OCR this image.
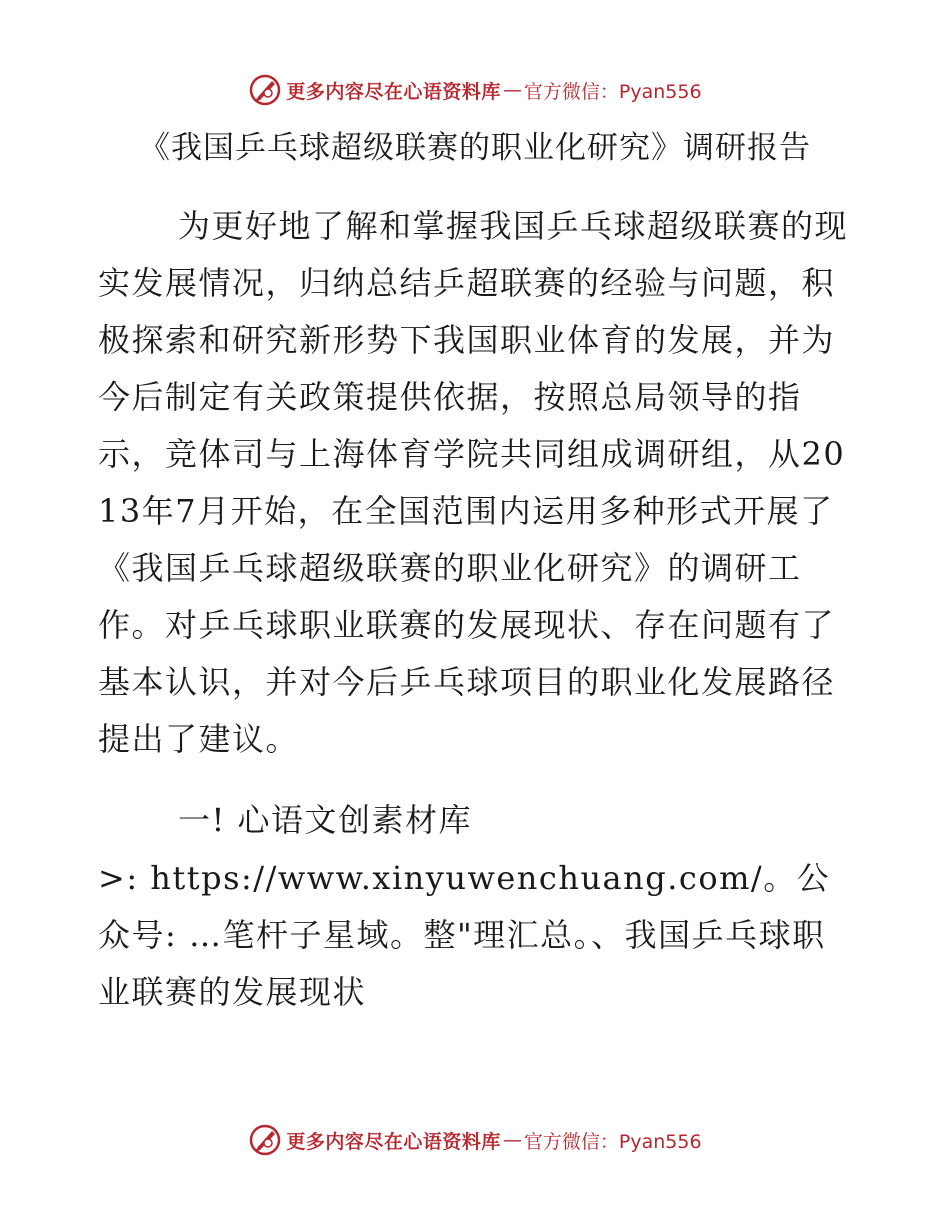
更多内容尽在心语资料库 — 官方微信：Pyan556
《我国乒乓球超级联赛的职业化研究》调研报告

为更好地了解和掌握我国乒乓球超级联赛的现实发展情况，归纳总结乒超联赛的经验与问题，积极探索和研究新形势下我国职业体育的发展，并为今后制定有关政策提供依据，按照总局领导的指示，竞体司与上海体育学院共同组成调研组，从2013年7月开始，在全国范围内运用多种形式开展了《我国乒乓球超级联赛的职业化研究》的调研工作。对乒乓球职业联赛的发展现状、存在问题有了基本认识，并对今后乒乓球项目的职业化发展路径提出了建议。

一! 心语文创素材库

>: https://www.xinyuwenchuang.com/。公众号: …笔杆子星域。整"理汇总。、我国乒乓球职业联赛的发展现状

更多内容尽在心语资料库 — 官方微信：Pyan556
